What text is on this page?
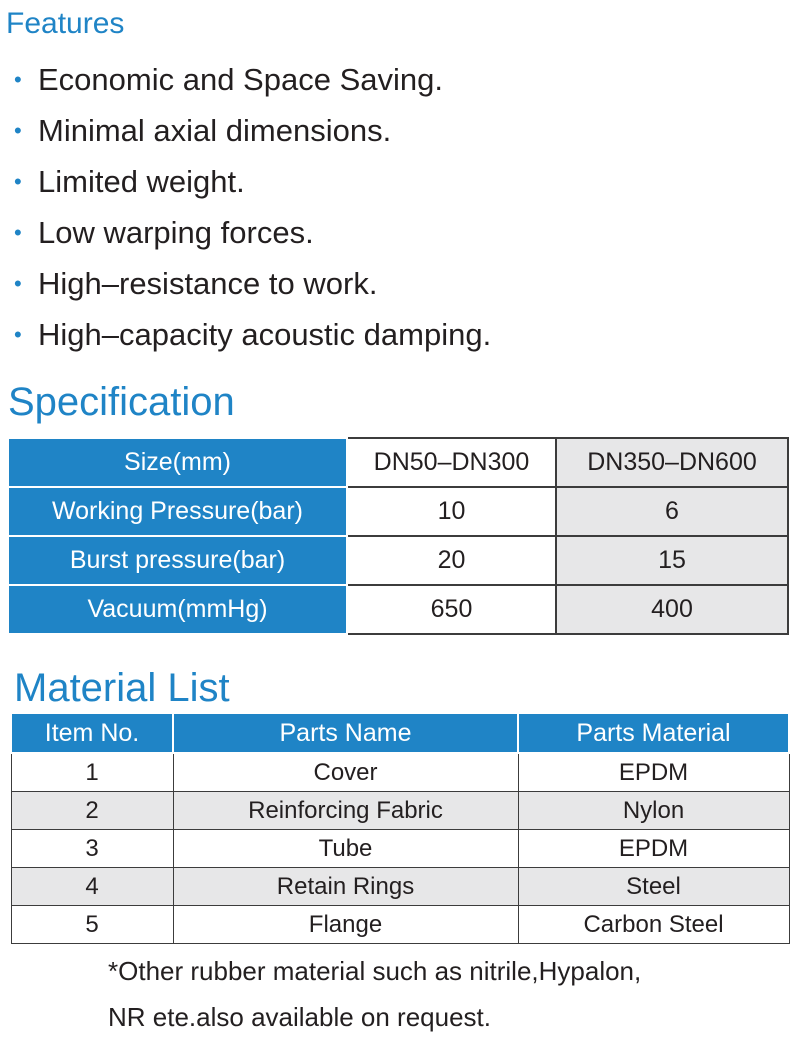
Features
• Economic and Space Saving.
• Minimal axial dimensions.
• Limited weight.
• Low warping forces.
• High–resistance to work.
• High–capacity acoustic damping.
Specification
Size(mm)	DN50–DN300	DN350–DN600
Working Pressure(bar)	10	6
Burst pressure(bar)	20	15
Vacuum(mmHg)	650	400
Material List
Item No.	Parts Name	Parts Material
1	Cover	EPDM
2	Reinforcing Fabric	Nylon
3	Tube	EPDM
4	Retain Rings	Steel
5	Flange	Carbon Steel
*Other rubber material such as nitrile,Hypalon,
NR ete.also available on request.
